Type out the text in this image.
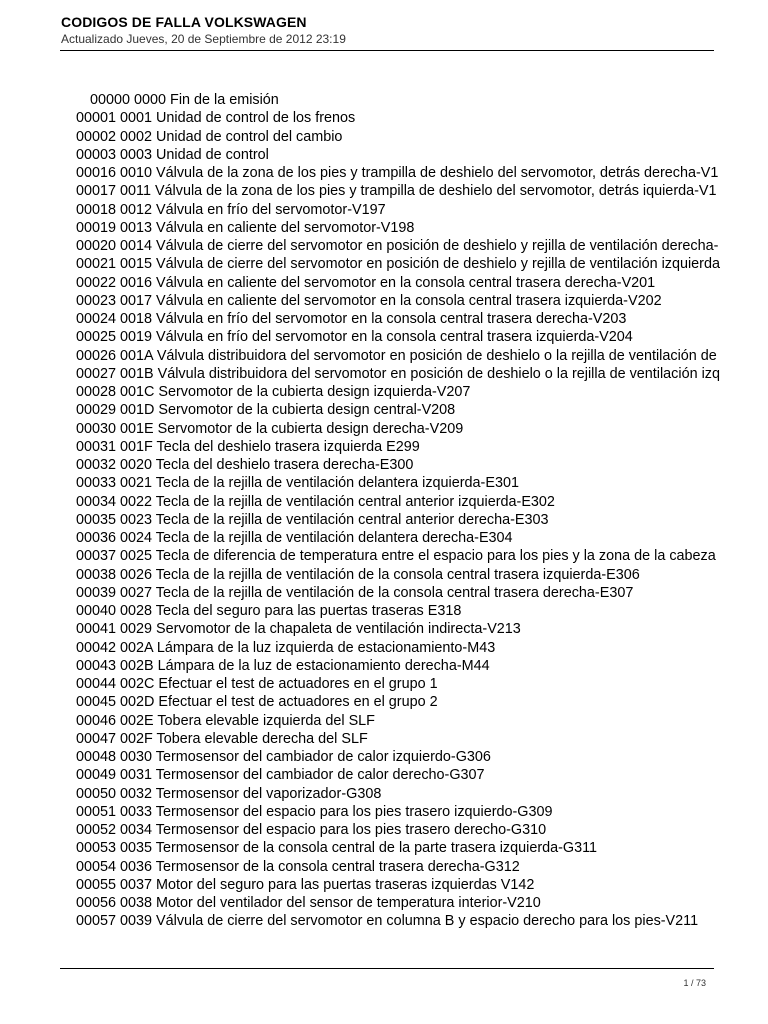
CODIGOS DE FALLA VOLKSWAGEN
Actualizado Jueves, 20 de Septiembre de 2012 23:19
00000 0000 Fin de la emisión
00001 0001 Unidad de control de los frenos
00002 0002 Unidad de control del cambio
00003 0003 Unidad de control
00016 0010 Válvula de la zona de los pies y trampilla de deshielo del servomotor, detrás derecha-V1
00017 0011 Válvula de la zona de los pies y trampilla de deshielo del servomotor, detrás iquierda-V1
00018 0012 Válvula en frío del servomotor-V197
00019 0013 Válvula en caliente del servomotor-V198
00020 0014 Válvula de cierre del servomotor en posición de deshielo y rejilla de ventilación derecha-
00021 0015 Válvula de cierre del servomotor en posición de deshielo y rejilla de ventilación izquierda
00022 0016 Válvula en caliente del servomotor en la consola central trasera derecha-V201
00023 0017 Válvula en caliente del servomotor en la consola central trasera izquierda-V202
00024 0018 Válvula en frío del servomotor en la consola central trasera derecha-V203
00025 0019 Válvula en frío del servomotor en la consola central trasera izquierda-V204
00026 001A Válvula distribuidora del servomotor en posición de deshielo o la rejilla de ventilación de
00027 001B Válvula distribuidora del servomotor en posición de deshielo o la rejilla de ventilación izq
00028 001C Servomotor de la cubierta design izquierda-V207
00029 001D Servomotor de la cubierta design central-V208
00030 001E Servomotor de la cubierta design derecha-V209
00031 001F Tecla del deshielo trasera izquierda E299
00032 0020 Tecla del deshielo trasera derecha-E300
00033 0021 Tecla de la rejilla de ventilación delantera izquierda-E301
00034 0022 Tecla de la rejilla de ventilación central anterior izquierda-E302
00035 0023 Tecla de la rejilla de ventilación central anterior derecha-E303
00036 0024 Tecla de la rejilla de ventilación delantera derecha-E304
00037 0025 Tecla de diferencia de temperatura entre el espacio para los pies y la zona de la cabeza
00038 0026 Tecla de la rejilla de ventilación de la consola central trasera izquierda-E306
00039 0027 Tecla de la rejilla de ventilación de la consola central trasera derecha-E307
00040 0028 Tecla del seguro para las puertas traseras E318
00041 0029 Servomotor de la chapaleta de ventilación indirecta-V213
00042 002A Lámpara de la luz izquierda de estacionamiento-M43
00043 002B Lámpara de la luz de estacionamiento derecha-M44
00044 002C Efectuar el test de actuadores en el grupo 1
00045 002D Efectuar el test de actuadores en el grupo 2
00046 002E Tobera elevable izquierda del SLF
00047 002F Tobera elevable derecha del SLF
00048 0030 Termosensor del cambiador de calor izquierdo-G306
00049 0031 Termosensor del cambiador de calor derecho-G307
00050 0032 Termosensor del vaporizador-G308
00051 0033 Termosensor del espacio para los pies trasero izquierdo-G309
00052 0034 Termosensor del espacio para los pies trasero derecho-G310
00053 0035 Termosensor de la consola central de la parte trasera izquierda-G311
00054 0036 Termosensor de la consola central trasera derecha-G312
00055 0037 Motor del seguro para las puertas traseras izquierdas V142
00056 0038 Motor del ventilador del sensor de temperatura interior-V210
00057 0039 Válvula de cierre del servomotor en columna B y espacio derecho para los pies-V211
1 / 73
